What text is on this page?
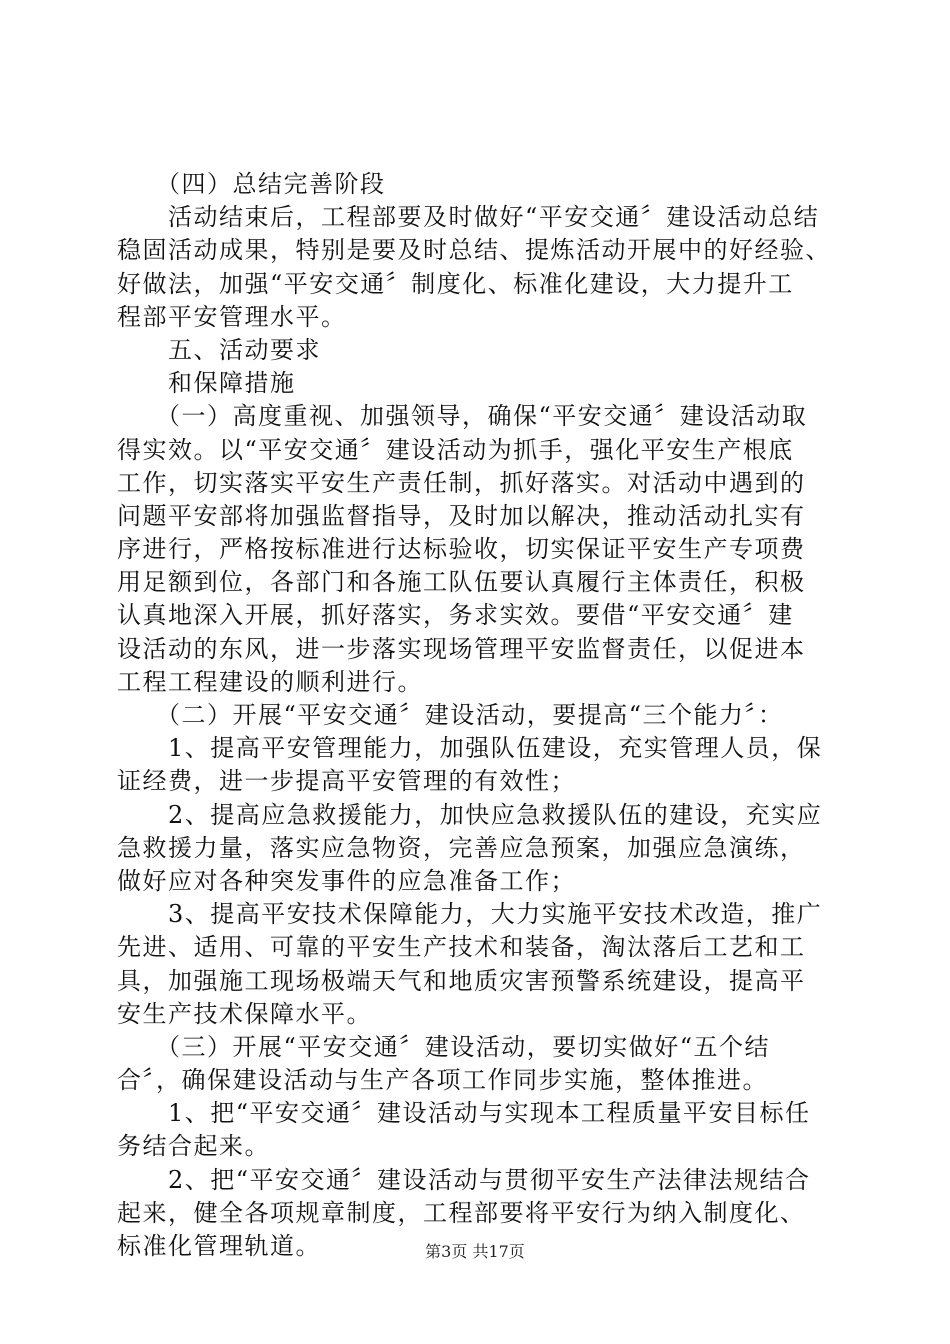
　　（四）总结完善阶段
　　活动结束后，工程部要及时做好“平安交通〞建设活动总结
稳固活动成果，特别是要及时总结、提炼活动开展中的好经验、
好做法，加强“平安交通〞制度化、标准化建设，大力提升工
程部平安管理水平。
　　五、活动要求
　　和保障措施
　　（一）高度重视、加强领导，确保“平安交通〞建设活动取
得实效。以“平安交通〞建设活动为抓手，强化平安生产根底
工作，切实落实平安生产责任制，抓好落实。对活动中遇到的
问题平安部将加强监督指导，及时加以解决，推动活动扎实有
序进行，严格按标准进行达标验收，切实保证平安生产专项费
用足额到位，各部门和各施工队伍要认真履行主体责任，积极
认真地深入开展，抓好落实，务求实效。要借“平安交通〞建
设活动的东风，进一步落实现场管理平安监督责任，以促进本
工程工程建设的顺利进行。
　　（二）开展“平安交通〞建设活动，要提高“三个能力〞：
　　1、提高平安管理能力，加强队伍建设，充实管理人员，保
证经费，进一步提高平安管理的有效性；
　　2、提高应急救援能力，加快应急救援队伍的建设，充实应
急救援力量，落实应急物资，完善应急预案，加强应急演练，
做好应对各种突发事件的应急准备工作；
　　3、提高平安技术保障能力，大力实施平安技术改造，推广
先进、适用、可靠的平安生产技术和装备，淘汰落后工艺和工
具，加强施工现场极端天气和地质灾害预警系统建设，提高平
安生产技术保障水平。
　　（三）开展“平安交通〞建设活动，要切实做好“五个结
合〞，确保建设活动与生产各项工作同步实施，整体推进。
　　1、把“平安交通〞建设活动与实现本工程质量平安目标任
务结合起来。
　　2、把“平安交通〞建设活动与贯彻平安生产法律法规结合
起来，健全各项规章制度，工程部要将平安行为纳入制度化、
标准化管理轨道。	第3页 共17页
